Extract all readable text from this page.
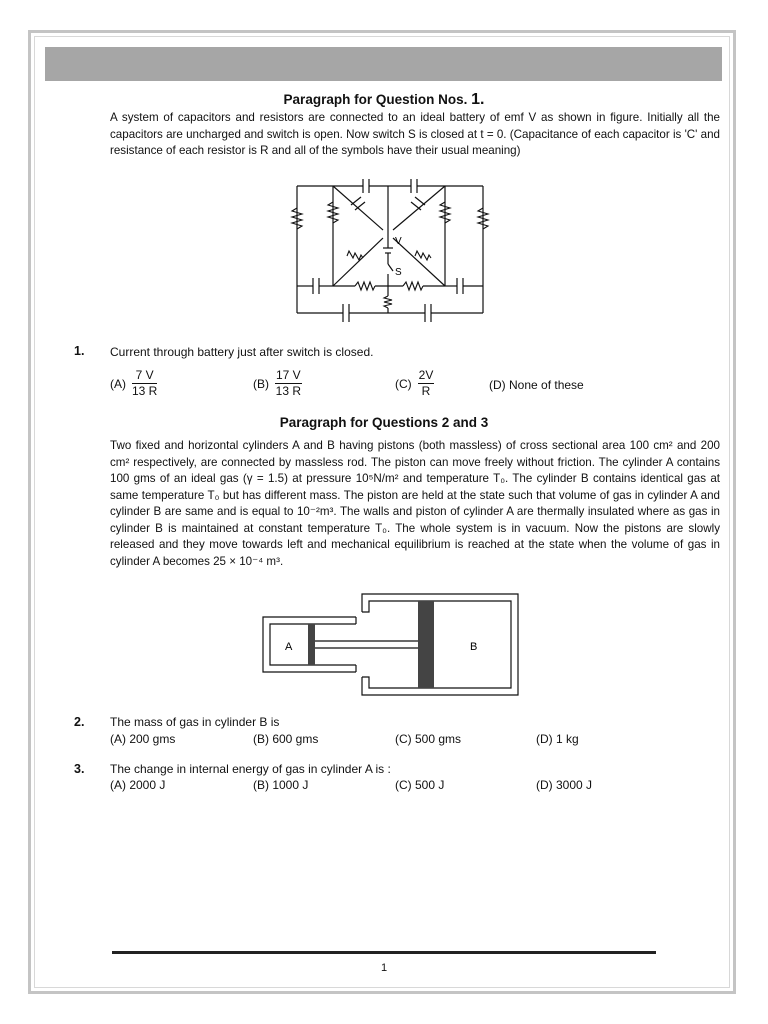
Paragraph for Question Nos. 1.
A system of capacitors and resistors are connected to an ideal battery of emf V as shown in figure. Initially all the capacitors are uncharged and switch is open. Now switch S is closed at t = 0. (Capacitance of each capacitor is 'C' and resistance of each resistor is R and all of the symbols have their usual meaning)
V
S
1. Current through battery just after switch is closed.
$(A) \frac{7 V}{13 R}$	$(B) \frac{17 V}{13 R}$	$(C) \frac{2V}{R}$	(D)
None of these
Paragraph for Questions 2 and 3
Two fixed and horizontal cylinders A and B having pistons (both massless) of cross sectional area 100 cm² and 200 cm² respectively, are connected by massless rod. The piston can move freely without friction. The cylinder A contains 100 gms of an ideal gas (γ = 1.5) at pressure 10⁵N/m² and temperature T₀. The cylinder B contains identical gas at same temperature T₀ but has different mass. The piston are held at the state such that volume of gas in cylinder A and cylinder B are same and is equal to 10⁻²m³. The walls and piston of cylinder A are thermally insulated where as gas in cylinder B is maintained at constant temperature T₀. The whole system is in vacuum. Now the pistons are slowly released and they move towards left and mechanical equilibrium is reached at the state when the volume of gas in cylinder A becomes 25 × 10⁻⁴ m³.
A	B
2. The mass of gas in cylinder B is
(A) 200 gms	(B) 600 gms	(C) 500 gms	(D) 1 kg
3. The change in internal energy of gas in cylinder A is :
(A) 2000 J	(B) 1000 J	(C) 500 J	(D) 3000 J
1
